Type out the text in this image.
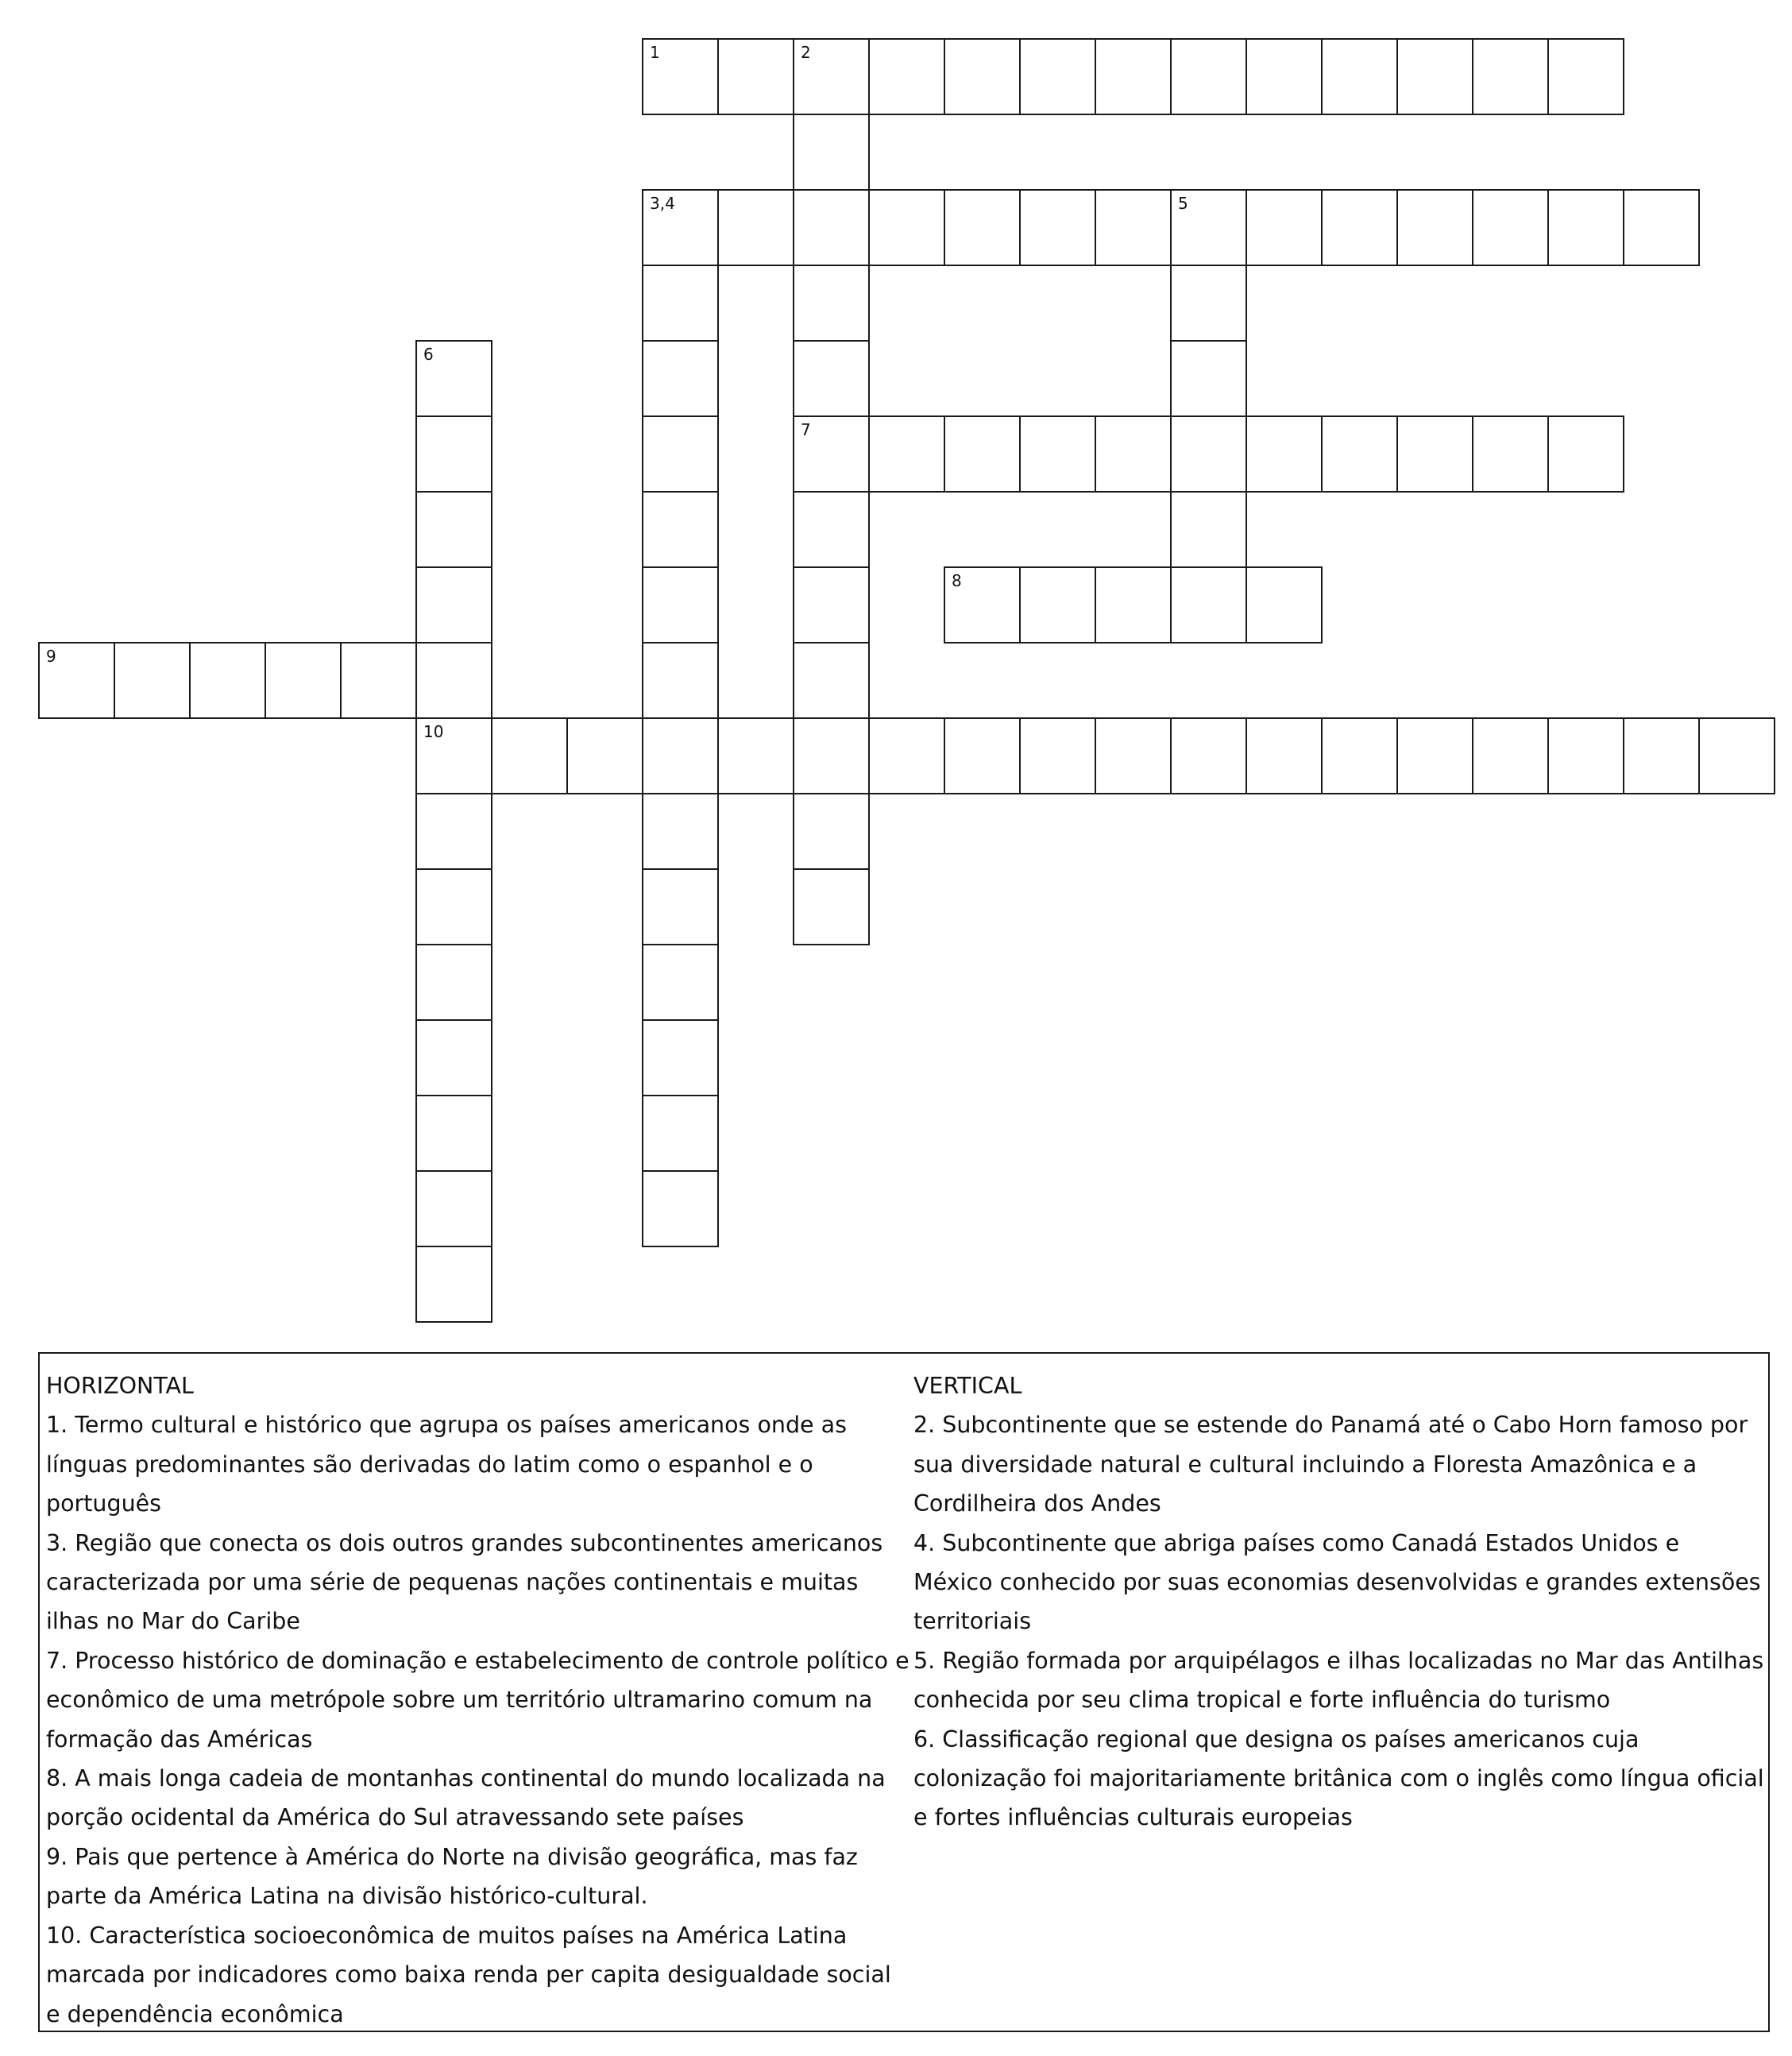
1	2
7
3,4	5
6
10
8
9

HORIZONTAL

1. Termo cultural e histórico que agrupa os países americanos onde as línguas predominantes são derivadas do latim como o espanhol e o português

3. Região que conecta os dois outros grandes subcontinentes americanos caracterizada por uma série de pequenas nações continentais e muitas ilhas no Mar do Caribe

7. Processo histórico de dominação e estabelecimento de controle político e econômico de uma metrópole sobre um território ultramarino comum na formação das Américas

8. A mais longa cadeia de montanhas continental do mundo localizada na porção ocidental da América do Sul atravessando sete países

9. Pais que pertence à América do Norte na divisão geográfica, mas faz parte da América Latina na divisão histórico-cultural.

10. Característica socioeconômica de muitos países na América Latina marcada por indicadores como baixa renda per capita desigualdade social e dependência econômica

VERTICAL

2. Subcontinente que se estende do Panamá até o Cabo Horn famoso por sua diversidade natural e cultural incluindo a Floresta Amazônica e a Cordilheira dos Andes

4. Subcontinente que abriga países como Canadá Estados Unidos e México conhecido por suas economias desenvolvidas e grandes extensões territoriais

5. Região formada por arquipélagos e ilhas localizadas no Mar das Antilhas conhecida por seu clima tropical e forte influência do turismo

6. Classificação regional que designa os países americanos cuja colonização foi majoritariamente britânica com o inglês como língua oficial e fortes influências culturais europeias
